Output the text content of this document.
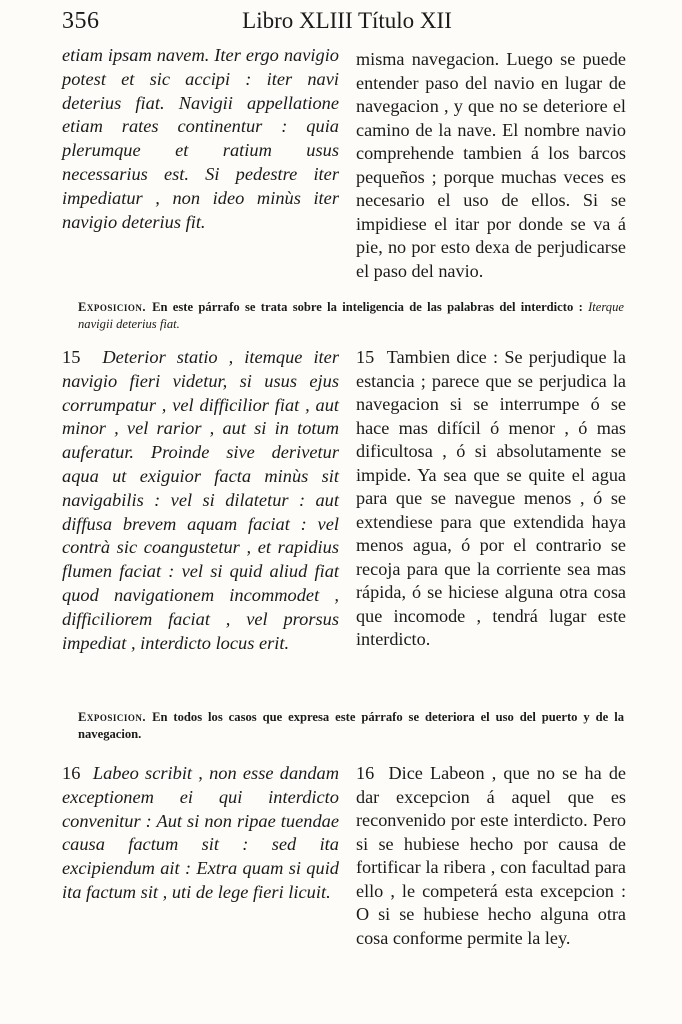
356	Libro XLIII Título XII

etiam ipsam navem. Iter ergo navigio potest et sic accipi : iter navi deterius fiat. Navigii appellatione etiam rates continentur : quia plerumque et ratium usus necessarius est. Si pedestre iter impediatur , non ideo minùs iter navigio deterius fit.

misma navegacion. Luego se puede entender paso del navio en lugar de navegacion , y que no se deteriore el camino de la nave. El nombre navio comprehende tambien á los barcos pequeños ; porque muchas veces es necesario el uso de ellos. Si se impidiese el itar por donde se va á pie, no por esto dexa de perjudicarse el paso del navio.

Exposicion. En este párrafo se trata sobre la inteligencia de las palabras del interdicto : Iterque navigii deterius fiat.

15 Deterior statio , itemque iter navigio fieri videtur, si usus ejus corrumpatur , vel difficilior fiat , aut minor , vel rarior , aut si in totum auferatur. Proinde sive derivetur aqua ut exiguior facta minùs sit navigabilis : vel si dilatetur : aut diffusa brevem aquam faciat : vel contrà sic coangustetur , et rapidius flumen faciat : vel si quid aliud fiat quod navigationem incommodet , difficiliorem faciat , vel prorsus impediat , interdicto locus erit.

15 Tambien dice : Se perjudique la estancia ; parece que se perjudica la navegacion si se interrumpe ó se hace mas difícil ó menor , ó mas dificultosa , ó si absolutamente se impide. Ya sea que se quite el agua para que se navegue menos , ó se extendiese para que extendida haya menos agua, ó por el contrario se recoja para que la corriente sea mas rápida, ó se hiciese alguna otra cosa que incomode , tendrá lugar este interdicto.

Exposicion. En todos los casos que expresa este párrafo se deteriora el uso del puerto y de la navegacion.

16 Labeo scribit , non esse dandam exceptionem ei qui interdicto convenitur : Aut si non ripae tuendae causa factum sit : sed ita excipiendum ait : Extra quam si quid ita factum sit , uti de lege fieri licuit.

16 Dice Labeon , que no se ha de dar excepcion á aquel que es reconvenido por este interdicto. Pero si se hubiese hecho por causa de fortificar la ribera , con facultad para ello , le competerá esta excepcion : O si se hubiese hecho alguna otra cosa conforme permite la ley.
